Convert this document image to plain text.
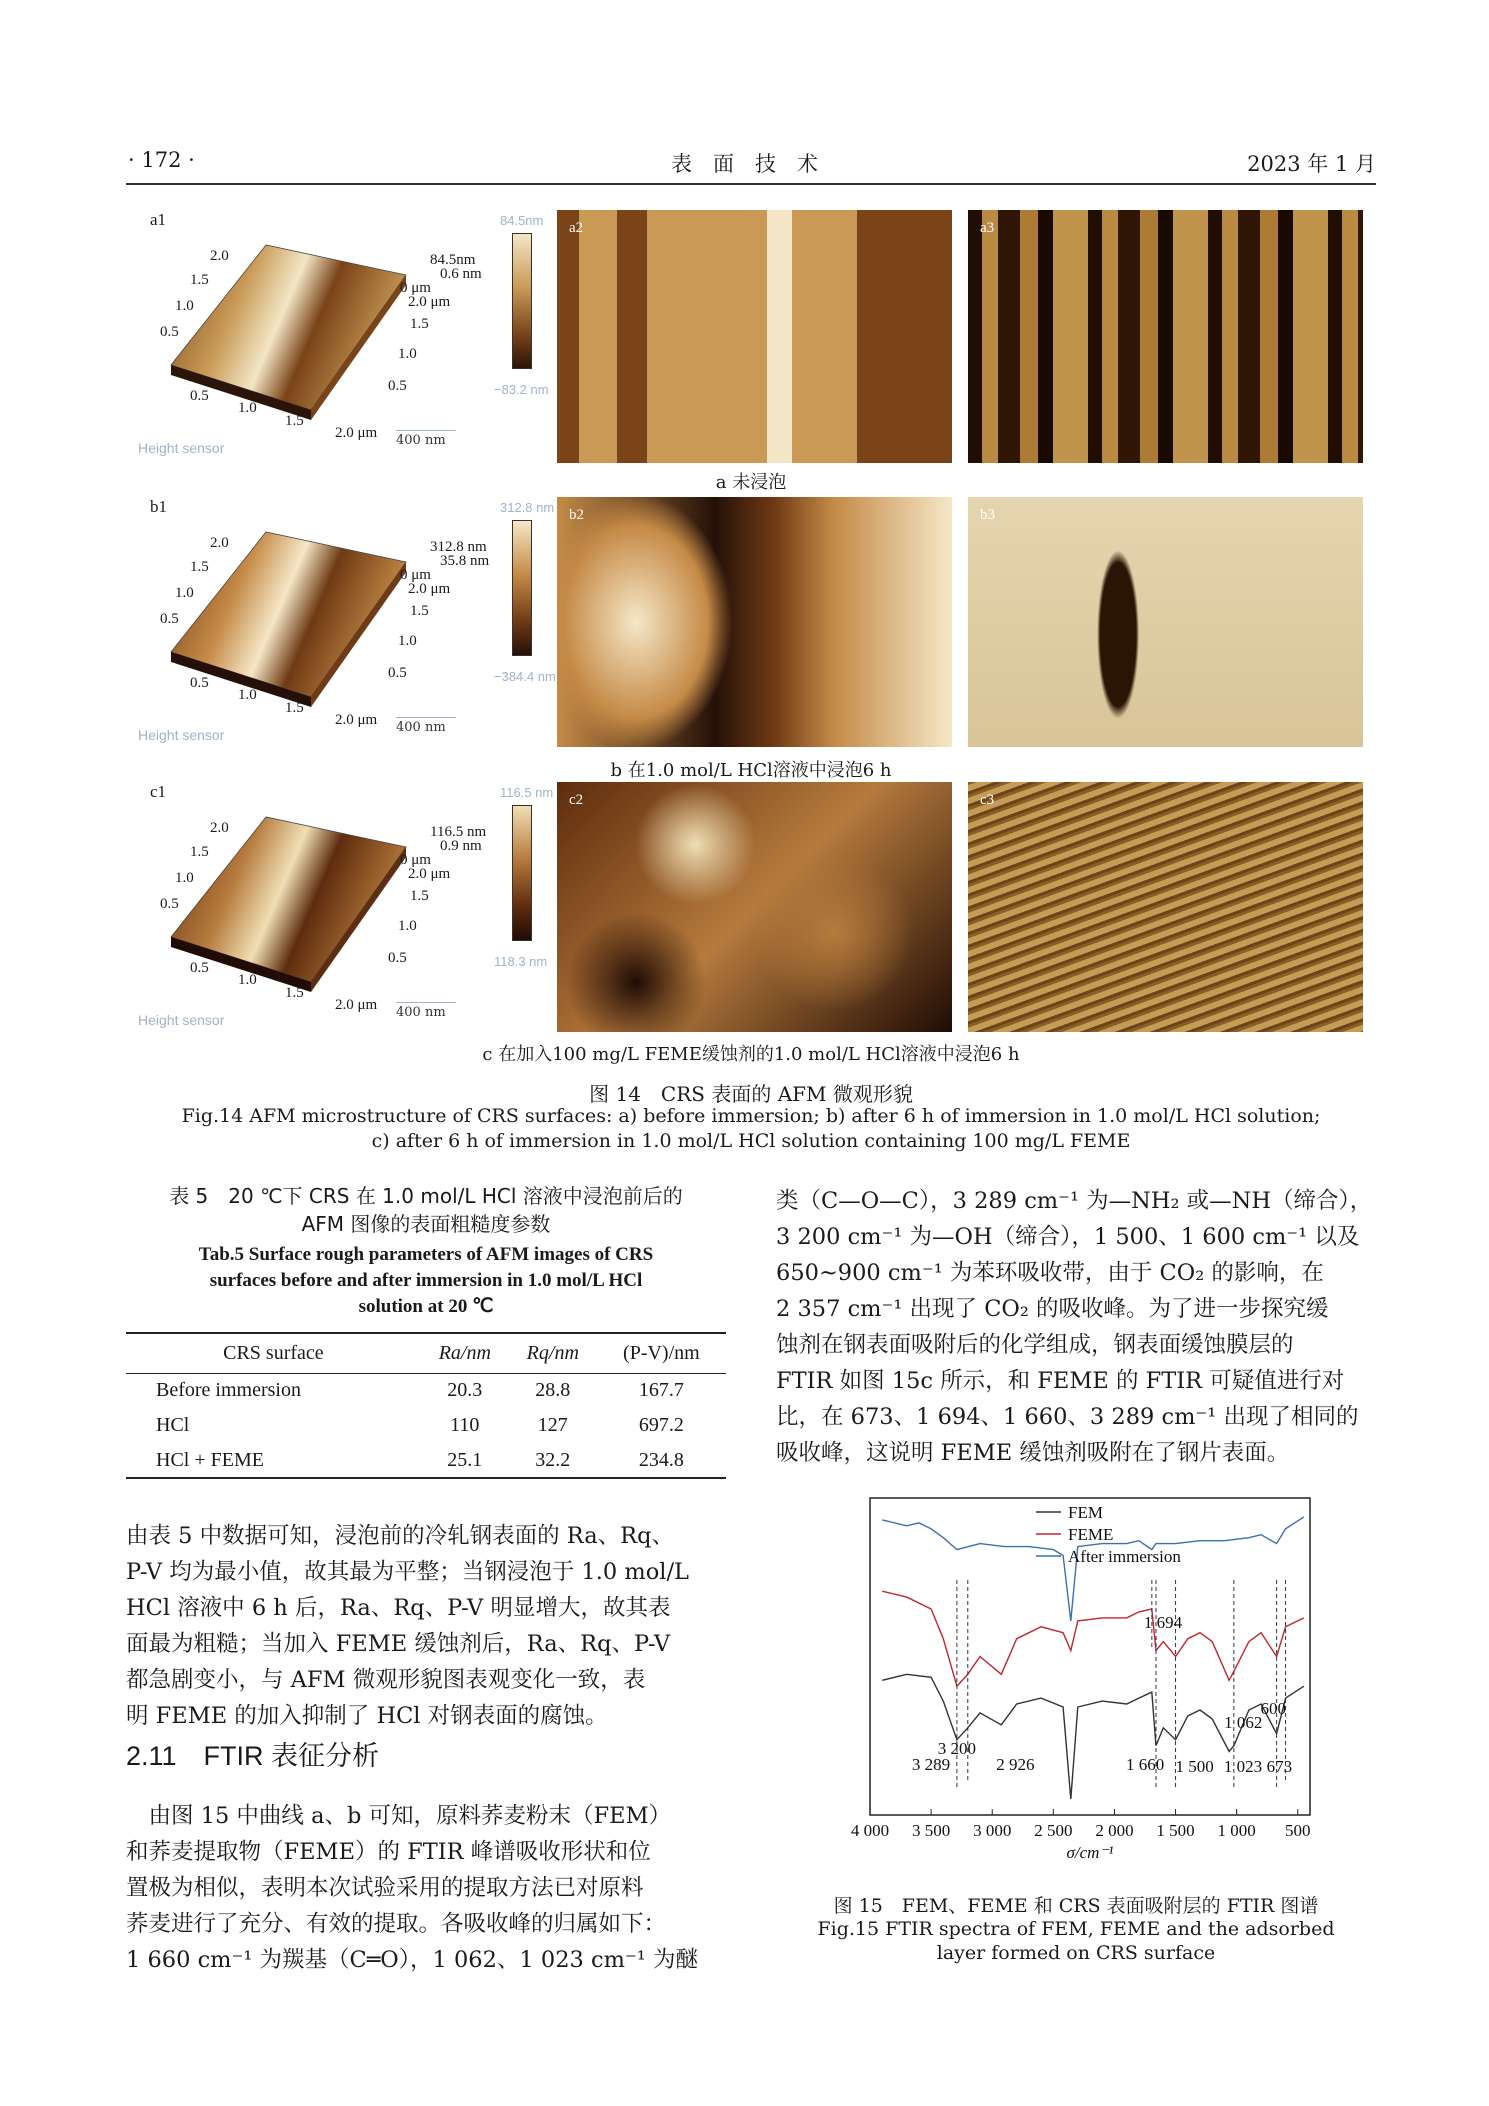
· 172 ·	表　面　技　术	2023 年 1 月
a1
2.0
1.5
1.0
0.5
0.5
1.0
1.5
2.0 μm
84.5nm
0.6 nm
0 μm
2.0 μm
1.5
1.0
0.5
Height sensor	400 nm
84.5nm
−83.2 nm
a2	a3
a 未浸泡
b1
2.0
1.5
1.0
0.5
0.5
1.0
1.5
2.0 μm
312.8 nm
35.8 nm
0 μm
2.0 μm
1.5
1.0
0.5
Height sensor	400 nm
312.8 nm
−384.4 nm
b2	b3
b 在1.0 mol/L HCl溶液中浸泡6 h
c1
2.0
1.5
1.0
0.5
0.5
1.0
1.5
2.0 μm
116.5 nm
0.9 nm
0 μm
2.0 μm
1.5
1.0
0.5
Height sensor	400 nm
116.5 nm
118.3 nm
c2	c3
c 在加入100 mg/L FEME缓蚀剂的1.0 mol/L HCl溶液中浸泡6 h
图 14　CRS 表面的 AFM 微观形貌
Fig.14 AFM microstructure of CRS surfaces: a) before immersion; b) after 6 h of immersion in 1.0 mol/L HCl solution;
c) after 6 h of immersion in 1.0 mol/L HCl solution containing 100 mg/L FEME
表 5　20 ℃下 CRS 在 1.0 mol/L HCl 溶液中浸泡前后的
AFM 图像的表面粗糙度参数
Tab.5 Surface rough parameters of AFM images of CRS
surfaces before and after immersion in 1.0 mol/L HCl
solution at 20 ℃
CRS surface	Ra/nm	Rq/nm	(P-V)/nm
Before immersion	20.3	28.8	167.7
HCl	110	127	697.2
HCl + FEME	25.1	32.2	234.8

由表 5 中数据可知，浸泡前的冷轧钢表面的 Ra、Rq、

P-V 均为最小值，故其最为平整；当钢浸泡于 1.0 mol/L

HCl 溶液中 6 h 后，Ra、Rq、P-V 明显增大，故其表

面最为粗糙；当加入 FEME 缓蚀剂后，Ra、Rq、P-V

都急剧变小，与 AFM 微观形貌图表观变化一致，表

明 FEME 的加入抑制了 HCl 对钢表面的腐蚀。

2.11　FTIR 表征分析

　由图 15 中曲线 a、b 可知，原料荞麦粉末（FEM）

和荞麦提取物（FEME）的 FTIR 峰谱吸收形状和位

置极为相似，表明本次试验采用的提取方法已对原料

荞麦进行了充分、有效的提取。各吸收峰的归属如下：

1 660 cm⁻¹ 为羰基（C═O），1 062、1 023 cm⁻¹ 为醚

类（C—O—C），3 289 cm⁻¹ 为—NH₂ 或—NH（缔合），

3 200 cm⁻¹ 为—OH（缔合），1 500、1 600 cm⁻¹ 以及

650~900 cm⁻¹ 为苯环吸收带，由于 CO₂ 的影响，在

2 357 cm⁻¹ 出现了 CO₂ 的吸收峰。为了进一步探究缓

蚀剂在钢表面吸附后的化学组成，钢表面缓蚀膜层的

FTIR 如图 15c 所示，和 FEME 的 FTIR 可疑值进行对

比，在 673、1 694、1 660、3 289 cm⁻¹ 出现了相同的

吸收峰，这说明 FEME 缓蚀剂吸附在了钢片表面。

FEM
FEME
After immersion
1 694
600
1 062
3 200
3 289	2 926	1 660 1 500 1 023 673
4 000 3 500 3 000 2 500 2 000 1 500 1 000 500
σ/cm⁻¹
图 15　FEM、FEME 和 CRS 表面吸附层的 FTIR 图谱
Fig.15 FTIR spectra of FEM, FEME and the adsorbed
layer formed on CRS surface
